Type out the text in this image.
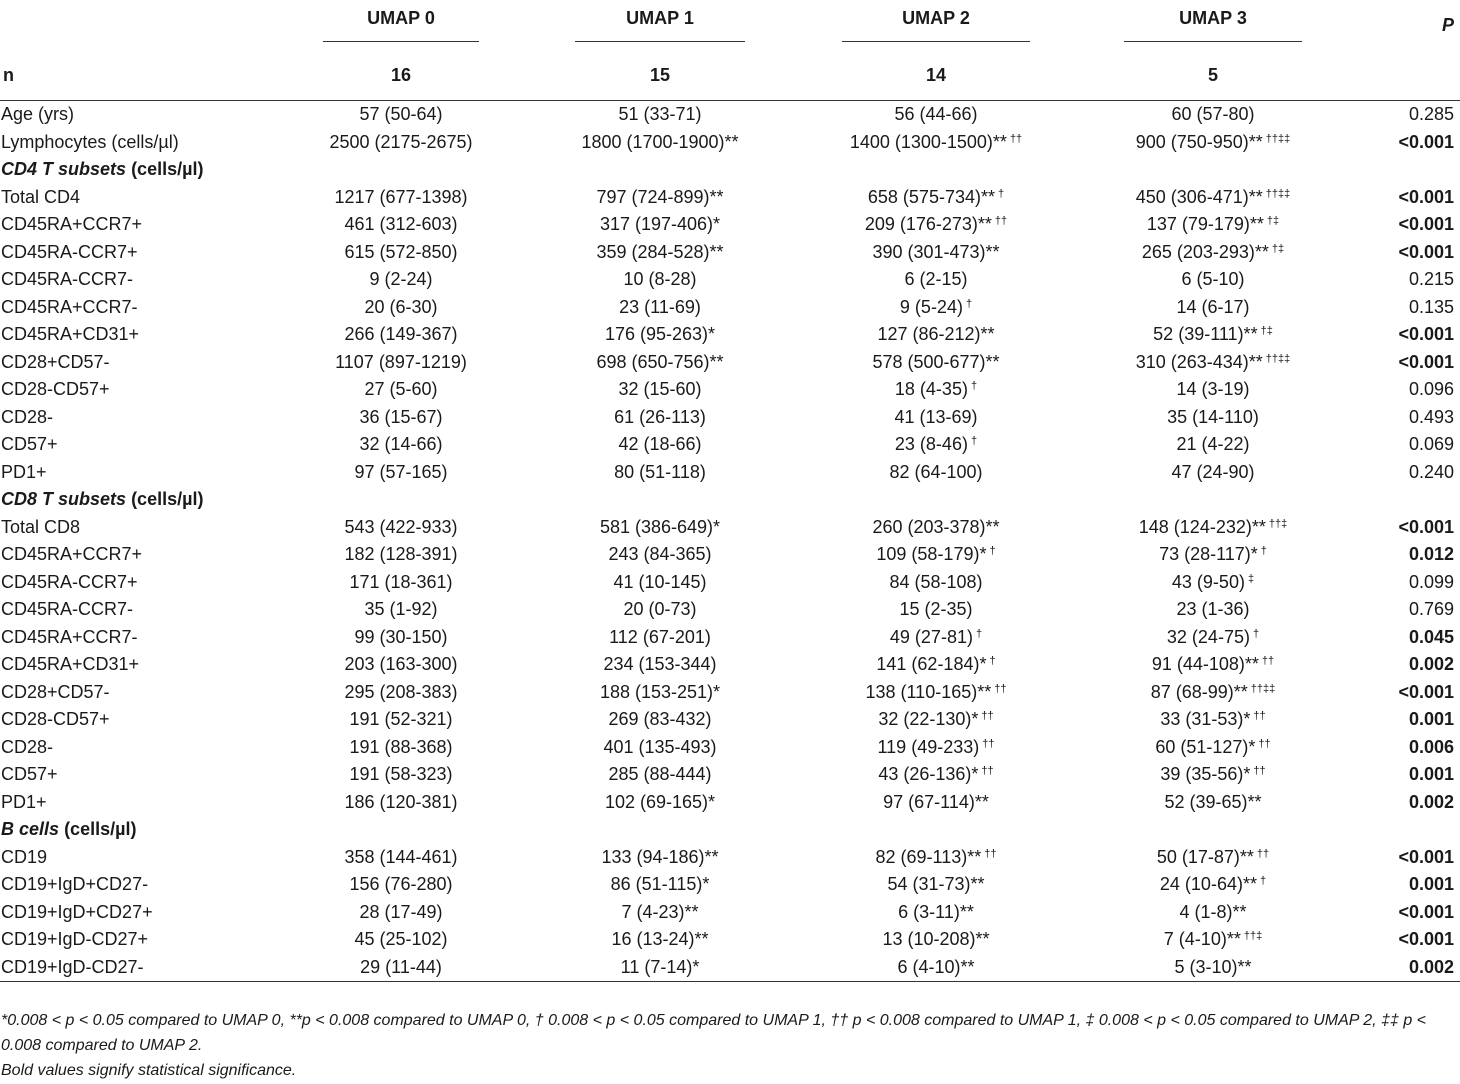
	UMAP 0	UMAP 1	UMAP 2	UMAP 3	P
n	16	15	14	5	
Age (yrs)	57 (50-64)	51 (33-71)	56 (44-66)	60 (57-80)	0.285
Lymphocytes (cells/µl)	2500 (2175-2675)	1800 (1700-1900)**	1400 (1300-1500)** ††	900 (750-950)** ††‡‡	<0.001
CD4 T subsets (cells/µl)					
Total CD4	1217 (677-1398)	797 (724-899)**	658 (575-734)** †	450 (306-471)** ††‡‡	<0.001
CD45RA+CCR7+	461 (312-603)	317 (197-406)*	209 (176-273)** ††	137 (79-179)** †‡	<0.001
CD45RA-CCR7+	615 (572-850)	359 (284-528)**	390 (301-473)**	265 (203-293)** †‡	<0.001
CD45RA-CCR7-	9 (2-24)	10 (8-28)	6 (2-15)	6 (5-10)	0.215
CD45RA+CCR7-	20 (6-30)	23 (11-69)	9 (5-24) †	14 (6-17)	0.135
CD45RA+CD31+	266 (149-367)	176 (95-263)*	127 (86-212)**	52 (39-111)** †‡	<0.001
CD28+CD57-	1107 (897-1219)	698 (650-756)**	578 (500-677)**	310 (263-434)** ††‡‡	<0.001
CD28-CD57+	27 (5-60)	32 (15-60)	18 (4-35) †	14 (3-19)	0.096
CD28-	36 (15-67)	61 (26-113)	41 (13-69)	35 (14-110)	0.493
CD57+	32 (14-66)	42 (18-66)	23 (8-46) †	21 (4-22)	0.069
PD1+	97 (57-165)	80 (51-118)	82 (64-100)	47 (24-90)	0.240
CD8 T subsets (cells/µl)					
Total CD8	543 (422-933)	581 (386-649)*	260 (203-378)**	148 (124-232)** ††‡	<0.001
CD45RA+CCR7+	182 (128-391)	243 (84-365)	109 (58-179)* †	73 (28-117)* †	0.012
CD45RA-CCR7+	171 (18-361)	41 (10-145)	84 (58-108)	43 (9-50) ‡	0.099
CD45RA-CCR7-	35 (1-92)	20 (0-73)	15 (2-35)	23 (1-36)	0.769
CD45RA+CCR7-	99 (30-150)	112 (67-201)	49 (27-81) †	32 (24-75) †	0.045
CD45RA+CD31+	203 (163-300)	234 (153-344)	141 (62-184)* †	91 (44-108)** ††	0.002
CD28+CD57-	295 (208-383)	188 (153-251)*	138 (110-165)** ††	87 (68-99)** ††‡‡	<0.001
CD28-CD57+	191 (52-321)	269 (83-432)	32 (22-130)* ††	33 (31-53)* ††	0.001
CD28-	191 (88-368)	401 (135-493)	119 (49-233) ††	60 (51-127)* ††	0.006
CD57+	191 (58-323)	285 (88-444)	43 (26-136)* ††	39 (35-56)* ††	0.001
PD1+	186 (120-381)	102 (69-165)*	97 (67-114)**	52 (39-65)**	0.002
B cells (cells/µl)					
CD19	358 (144-461)	133 (94-186)**	82 (69-113)** ††	50 (17-87)** ††	<0.001
CD19+IgD+CD27-	156 (76-280)	86 (51-115)*	54 (31-73)**	24 (10-64)** †	0.001
CD19+IgD+CD27+	28 (17-49)	7 (4-23)**	6 (3-11)**	4 (1-8)**	<0.001
CD19+IgD-CD27+	45 (25-102)	16 (13-24)**	13 (10-208)**	7 (4-10)** ††‡	<0.001
CD19+IgD-CD27-	29 (11-44)	11 (7-14)*	6 (4-10)**	5 (3-10)**	0.002

*0.008 < p < 0.05 compared to UMAP 0, **p < 0.008 compared to UMAP 0, † 0.008 < p < 0.05 compared to UMAP 1, †† p < 0.008 compared to UMAP 1, ‡ 0.008 < p < 0.05 compared to UMAP 2, ‡‡ p < 0.008 compared to UMAP 2.

Bold values signify statistical significance.
